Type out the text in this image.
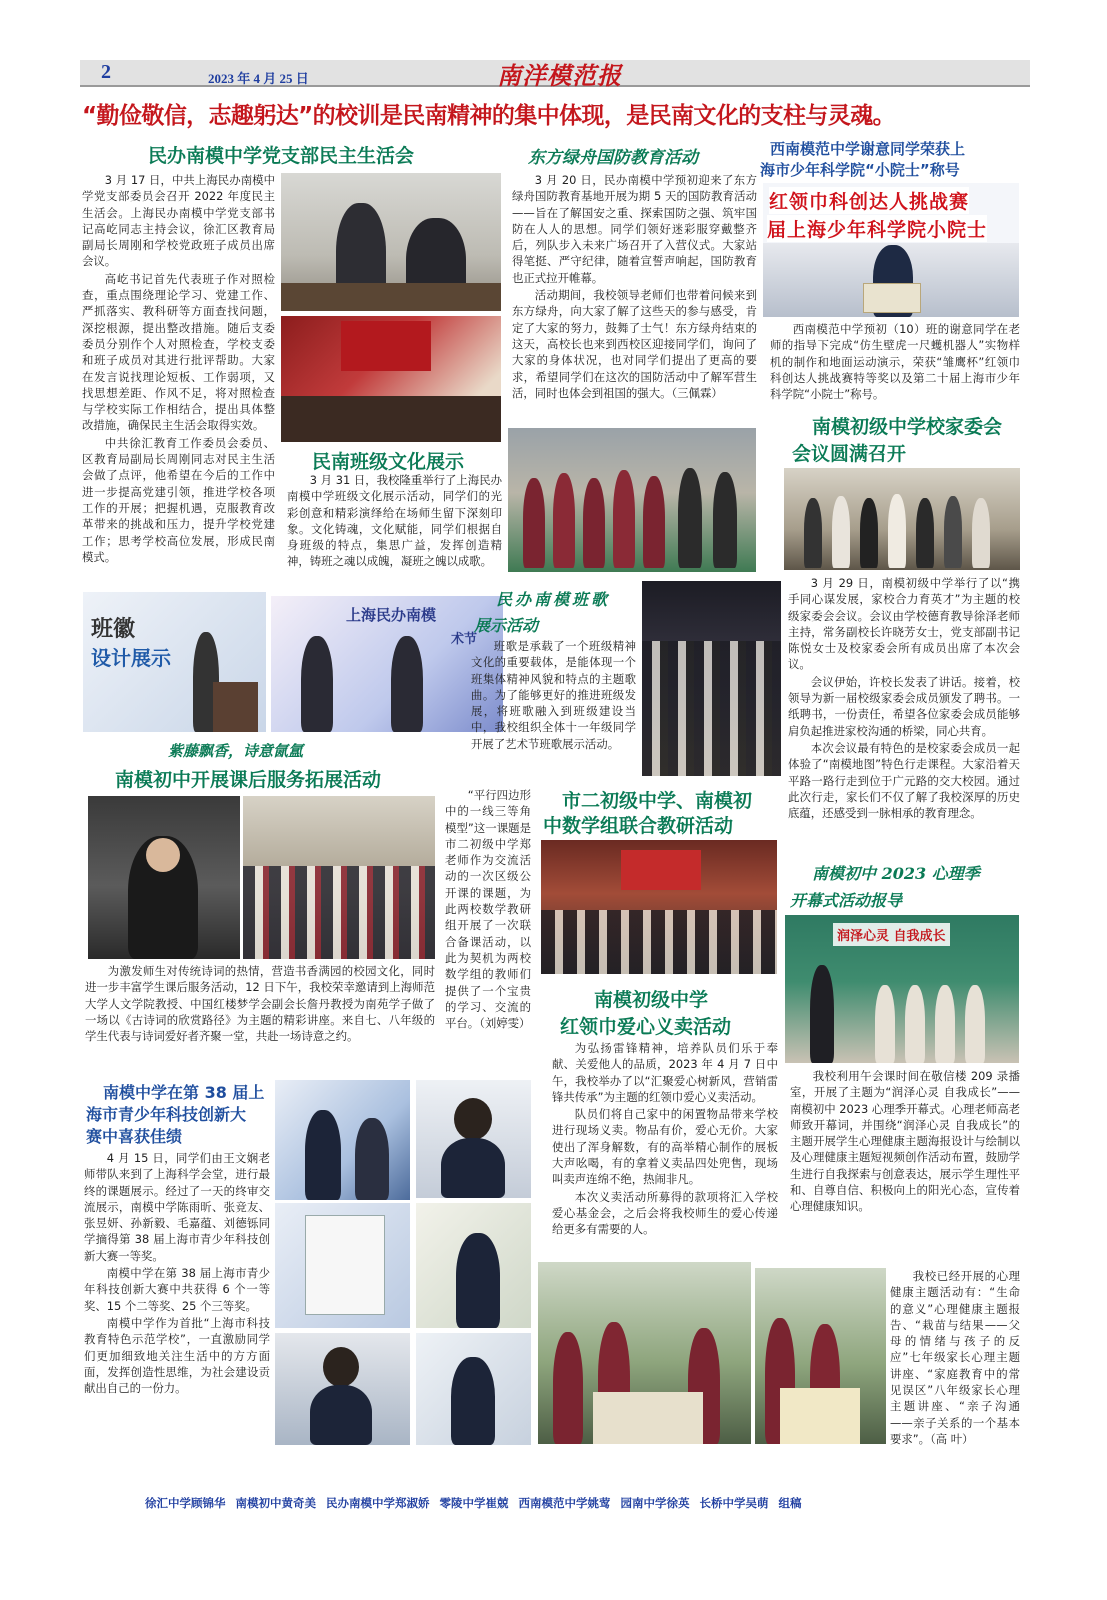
2	2023 年 4 月 25 日	南洋模范报
“勤俭敬信，志趣躬达”的校训是民南精神的集中体现，是民南文化的支柱与灵魂。
民办南模中学党支部民主生活会

3 月 17 日，中共上海民办南模中学党支部委员会召开 2022 年度民主生活会。上海民办南模中学党支部书记高屹同志主持会议，徐汇区教育局副局长周刚和学校党政班子成员出席会议。

高屹书记首先代表班子作对照检查，重点围绕理论学习、党建工作、严抓落实、教科研等方面查找问题，深挖根源，提出整改措施。随后支委委员分别作个人对照检查，学校支委和班子成员对其进行批评帮助。大家在发言说找理论短板、工作弱项，又找思想差距、作风不足，将对照检查与学校实际工作相结合，提出具体整改措施，确保民主生活会取得实效。

中共徐汇教育工作委员会委员、区教育局副局长周刚同志对民主生活会做了点评，他希望在今后的工作中进一步提高党建引领，推进学校各项工作的开展；把握机遇，克服教育改革带来的挑战和压力，提升学校党建工作；思考学校高位发展，形成民南模式。

东方绿舟国防教育活动

3 月 20 日，民办南模中学预初迎来了东方绿舟国防教育基地开展为期 5 天的国防教育活动——旨在了解国安之重、探索国防之强、筑牢国防在人人的思想。同学们领好迷彩服穿戴整齐后，列队步入未来广场召开了入营仪式。大家站得笔挺、严守纪律，随着宣誓声响起，国防教育也正式拉开帷幕。

活动期间，我校领导老师们也带着问候来到东方绿舟，向大家了解了这些天的参与感受，肯定了大家的努力，鼓舞了士气！东方绿舟结束的这天，高校长也来到西校区迎接同学们，询问了大家的身体状况，也对同学们提出了更高的要求，希望同学们在这次的国防活动中了解军营生活，同时也体会到祖国的强大。（三佩霖）

西南模范中学谢意同学荣获上
海市少年科学院“小院士”称号
红领巾科创达人挑战赛
届上海少年科学院小院士

西南模范中学预初（10）班的谢意同学在老师的指导下完成“仿生壁虎一尺蠖机器人”实物样机的制作和地面运动演示，荣获“雏鹰杯”红领巾科创达人挑战赛特等奖以及第二十届上海市少年科学院“小院士”称号。

民南班级文化展示

3 月 31 日，我校隆重举行了上海民办南模中学班级文化展示活动，同学们的光彩创意和精彩演绎给在场师生留下深刻印象。文化铸魂，文化赋能，同学们根据自身班级的特点，集思广益，发挥创造精神，铸班之魂以成魄，凝班之魄以成歌。

南模初级中学校家委会
会议圆满召开

3 月 29 日，南模初级中学举行了以“携手同心谋发展，家校合力育英才”为主题的校级家委会会议。会议由学校德育教导徐泽老师主持，常务副校长许晓芳女士，党支部副书记陈悦女士及校家委会所有成员出席了本次会议。

会议伊始，许校长发表了讲话。接着，校领导为新一届校级家委会成员颁发了聘书。一纸聘书，一份责任，希望各位家委会成员能够肩负起推进家校沟通的桥梁，同心共育。

本次会议最有特色的是校家委会成员一起体验了“南模地图”特色行走课程。大家沿着天平路一路行走到位于广元路的交大校园。通过此次行走，家长们不仅了解了我校深厚的历史底蕴，还感受到一脉相承的教育理念。

班徽
设计展示
上海民办南模
术节
民办南模班歌
展示活动

班歌是承载了一个班级精神文化的重要载体，是能体现一个班集体精神风貌和特点的主题歌曲。为了能够更好的推进班级发展，将班歌融入到班级建设当中，我校组织全体十一年级同学开展了艺术节班歌展示活动。

紫藤飘香，诗意氤氲
南模初中开展课后服务拓展活动

为激发师生对传统诗词的热情，营造书香满园的校园文化，同时进一步丰富学生课后服务活动，12 日下午，我校荣幸邀请到上海师范大学人文学院教授、中国红楼梦学会副会长詹丹教授为南苑学子做了一场以《古诗词的欣赏路径》为主题的精彩讲座。来自七、八年级的学生代表与诗词爱好者齐聚一堂，共赴一场诗意之约。

“平行四边形中的一线三等角模型”这一课题是市二初级中学郑老师作为交流活动的一次区级公开课的课题，为此两校数学教研组开展了一次联合备课活动，以此为契机为两校数学组的教师们提供了一个宝贵的学习、交流的平台。（刘婷雯）

市二初级中学、南模初
中数学组联合教研活动
南模初级中学
红领巾爱心义卖活动

为弘扬雷锋精神，培养队员们乐于奉献、关爱他人的品质，2023 年 4 月 7 日中午，我校举办了以“汇聚爱心树新风，营销雷锋共传承”为主题的红领巾爱心义卖活动。

队员们将自己家中的闲置物品带来学校进行现场义卖。物品有价，爱心无价。大家使出了浑身解数，有的高举精心制作的展板大声吆喝，有的拿着义卖品四处兜售，现场叫卖声连绵不绝，热闹非凡。

本次义卖活动所募得的款项将汇入学校爱心基金会，之后会将我校师生的爱心传递给更多有需要的人。

南模初中 2023 心理季
开幕式活动报导
润泽心灵 自我成长

我校利用午会课时间在敬信楼 209 录播室，开展了主题为“润泽心灵 自我成长”——南模初中 2023 心理季开幕式。心理老师高老师致开幕词，并围绕“润泽心灵 自我成长”的主题开展学生心理健康主题海报设计与绘制以及心理健康主题短视频创作活动布置，鼓励学生进行自我探索与创意表达，展示学生理性平和、自尊自信、积极向上的阳光心态，宣传着心理健康知识。

我校已经开展的心理健康主题活动有：“生命的意义”心理健康主题报告、“栽苗与结果——父母的情绪与孩子的反应”七年级家长心理主题讲座、“家庭教育中的常见误区”八年级家长心理主题讲座、“亲子沟通——亲子关系的一个基本要求”。（高 叶）

南模中学在第 38 届上
海市青少年科技创新大
赛中喜获佳绩

4 月 15 日，同学们由王文娴老师带队来到了上海科学会堂，进行最终的课题展示。经过了一天的终审交流展示，南模中学陈雨昕、张竞友、张昱妍、孙新毅、毛嘉蕴、刘德铄同学摘得第 38 届上海市青少年科技创新大赛一等奖。

南模中学在第 38 届上海市青少年科技创新大赛中共获得 6 个一等奖、15 个二等奖、25 个三等奖。

南模中学作为首批“上海市科技教育特色示范学校”，一直激励同学们更加细致地关注生活中的方方面面，发挥创造性思维，为社会建设贡献出自己的一份力。

徐汇中学顾锦华 南模初中黄奇美 民办南模中学郑淑娇 零陵中学崔兢 西南模范中学姚莺 园南中学徐英 长桥中学吴萌 组稿
